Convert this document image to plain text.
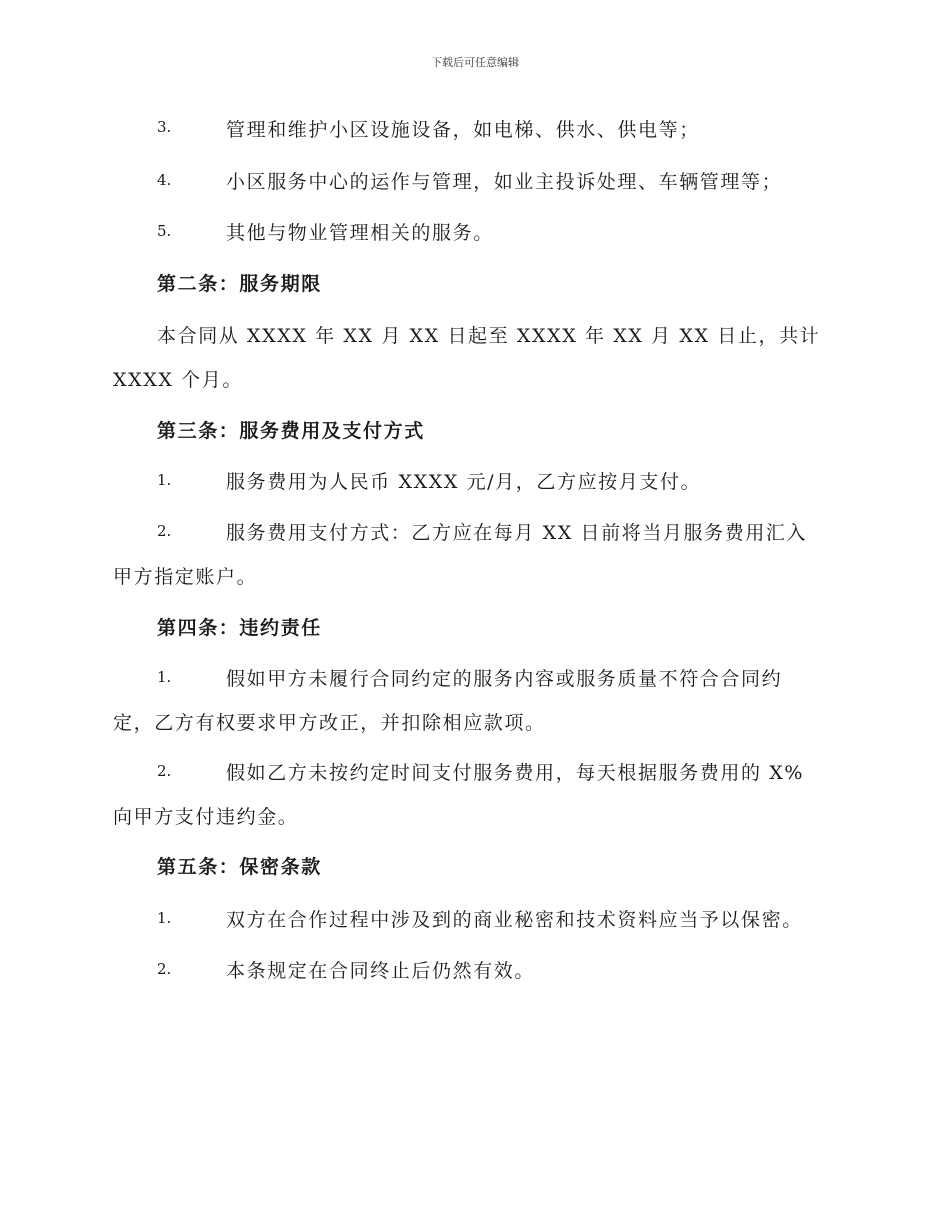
下载后可任意编辑
3.	管理和维护小区设施设备，如电梯、供水、供电等；
4.	小区服务中心的运作与管理，如业主投诉处理、车辆管理等；
5.	其他与物业管理相关的服务。
第二条：服务期限
本合同从 XXXX 年 XX 月 XX 日起至 XXXX 年 XX 月 XX 日止，共计
XXXX 个月。
第三条：服务费用及支付方式
1.	服务费用为人民币 XXXX 元/月，乙方应按月支付。
2.	服务费用支付方式：乙方应在每月 XX 日前将当月服务费用汇入
甲方指定账户。
第四条：违约责任
1.	假如甲方未履行合同约定的服务内容或服务质量不符合合同约
定，乙方有权要求甲方改正，并扣除相应款项。
2.	假如乙方未按约定时间支付服务费用，每天根据服务费用的 X%
向甲方支付违约金。
第五条：保密条款
1.	双方在合作过程中涉及到的商业秘密和技术资料应当予以保密。
2.	本条规定在合同终止后仍然有效。
